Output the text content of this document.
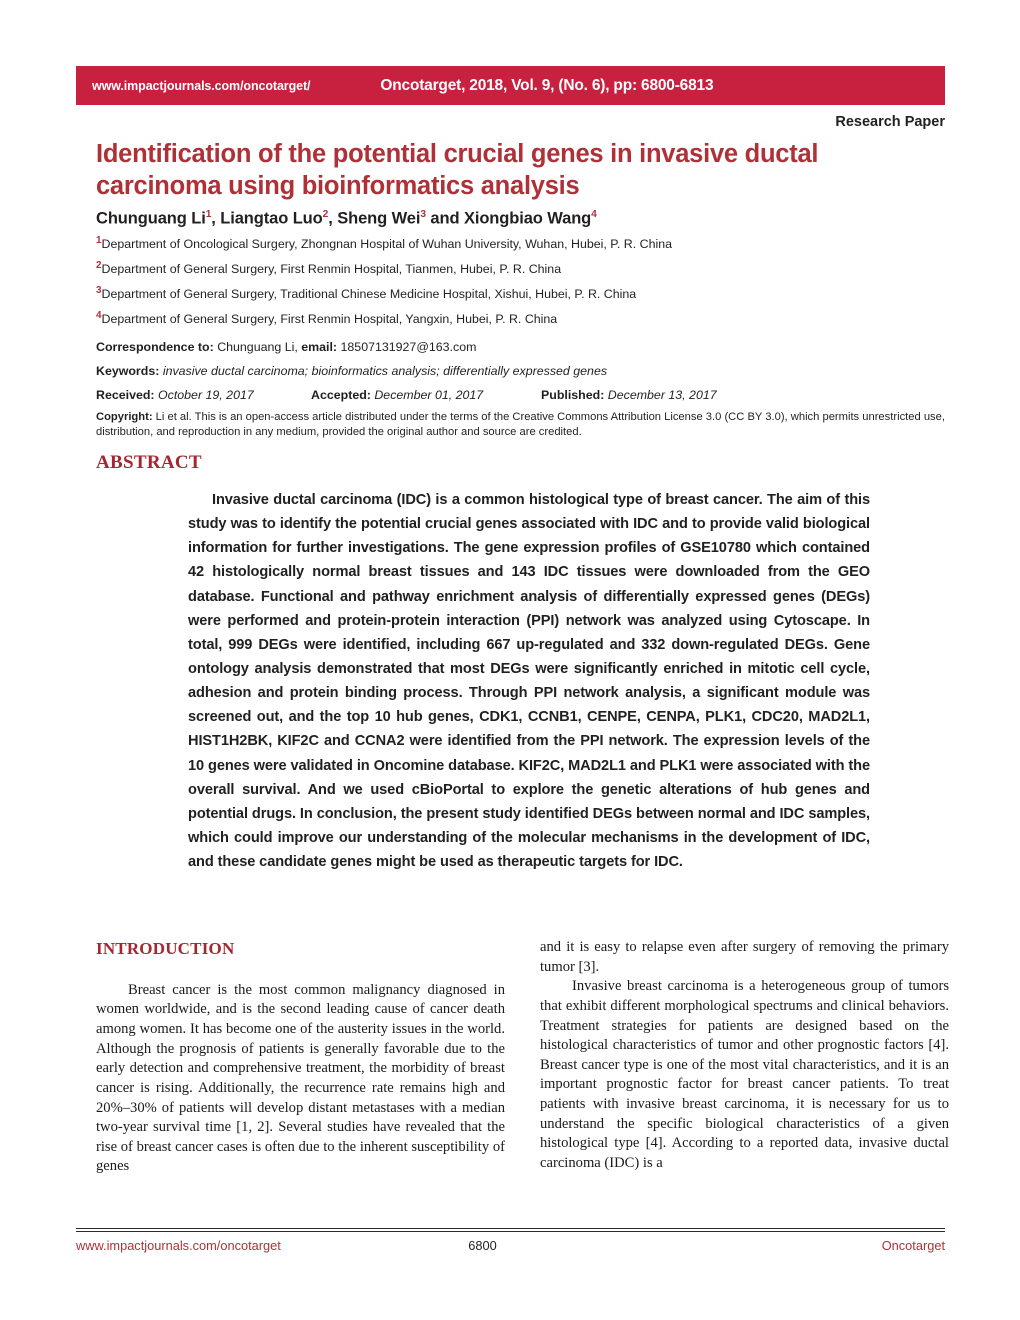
www.impactjournals.com/oncotarget/	Oncotarget, 2018, Vol. 9, (No. 6), pp: 6800-6813
Research Paper
Identification of the potential crucial genes in invasive ductal carcinoma using bioinformatics analysis
Chunguang Li$^1$, Liangtao Luo$^2$, Sheng Wei$^3$ and Xiongbiao Wang$^4$
$^1$Department of Oncological Surgery, Zhongnan Hospital of Wuhan University, Wuhan, Hubei, P. R. China
$^2$Department of General Surgery, First Renmin Hospital, Tianmen, Hubei, P. R. China
$^3$Department of General Surgery, Traditional Chinese Medicine Hospital, Xishui, Hubei, P. R. China
$^4$Department of General Surgery, First Renmin Hospital, Yangxin, Hubei, P. R. China
Correspondence to: Chunguang Li, email: 18507131927@163.com
Keywords: invasive ductal carcinoma; bioinformatics analysis; differentially expressed genes
Received: October 19, 2017	Accepted: December 01, 2017	Published: December 13, 2017
Copyright: Li et al. This is an open-access article distributed under the terms of the Creative Commons Attribution License 3.0 (CC BY 3.0), which permits unrestricted use, distribution, and reproduction in any medium, provided the original author and source are credited.
ABSTRACT
Invasive ductal carcinoma (IDC) is a common histological type of breast cancer. The aim of this study was to identify the potential crucial genes associated with IDC and to provide valid biological information for further investigations. The gene expression profiles of GSE10780 which contained 42 histologically normal breast tissues and 143 IDC tissues were downloaded from the GEO database. Functional and pathway enrichment analysis of differentially expressed genes (DEGs) were performed and protein-protein interaction (PPI) network was analyzed using Cytoscape. In total, 999 DEGs were identified, including 667 up-regulated and 332 down-regulated DEGs. Gene ontology analysis demonstrated that most DEGs were significantly enriched in mitotic cell cycle, adhesion and protein binding process. Through PPI network analysis, a significant module was screened out, and the top 10 hub genes, CDK1, CCNB1, CENPE, CENPA, PLK1, CDC20, MAD2L1, HIST1H2BK, KIF2C and CCNA2 were identified from the PPI network. The expression levels of the 10 genes were validated in Oncomine database. KIF2C, MAD2L1 and PLK1 were associated with the overall survival. And we used cBioPortal to explore the genetic alterations of hub genes and potential drugs. In conclusion, the present study identified DEGs between normal and IDC samples, which could improve our understanding of the molecular mechanisms in the development of IDC, and these candidate genes might be used as therapeutic targets for IDC.
INTRODUCTION

Breast cancer is the most common malignancy diagnosed in women worldwide, and is the second leading cause of cancer death among women. It has become one of the austerity issues in the world. Although the prognosis of patients is generally favorable due to the early detection and comprehensive treatment, the morbidity of breast cancer is rising. Additionally, the recurrence rate remains high and 20%–30% of patients will develop distant metastases with a median two-year survival time [1, 2]. Several studies have revealed that the rise of breast cancer cases is often due to the inherent susceptibility of genes

and it is easy to relapse even after surgery of removing the primary tumor [3].

Invasive breast carcinoma is a heterogeneous group of tumors that exhibit different morphological spectrums and clinical behaviors. Treatment strategies for patients are designed based on the histological characteristics of tumor and other prognostic factors [4]. Breast cancer type is one of the most vital characteristics, and it is an important prognostic factor for breast cancer patients. To treat patients with invasive breast carcinoma, it is necessary for us to understand the specific biological characteristics of a given histological type [4]. According to a reported data, invasive ductal carcinoma (IDC) is a

www.impactjournals.com/oncotarget	6800	Oncotarget
